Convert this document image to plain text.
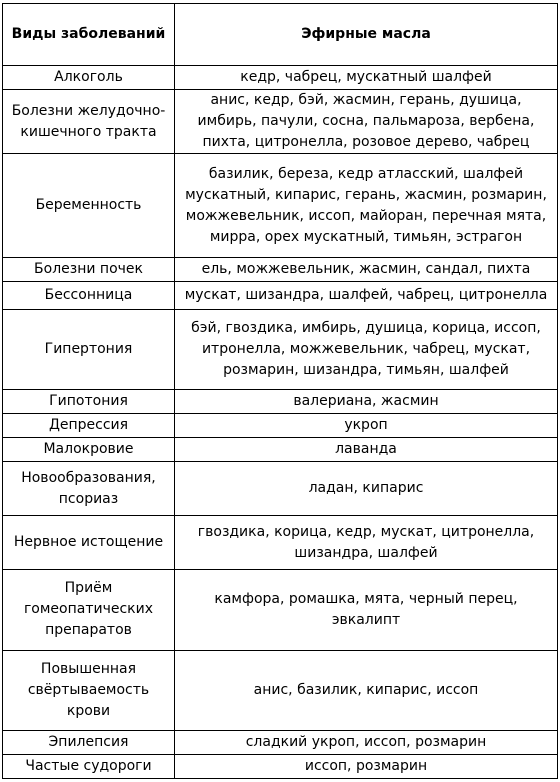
Виды заболеваний	Эфирные масла
Алкоголь	кедр, чабрец, мускатный шалфей
Болезни желудочно-кишечного тракта	анис, кедр, бэй, жасмин, герань, душица, имбирь, пачули, сосна, пальмароза, вербена, пихта, цитронелла, розовое дерево, чабрец
Беременность	базилик, береза, кедр атласский, шалфей мускатный, кипарис, герань, жасмин, розмарин, можжевельник, иссоп, майоран, перечная мята, мирра, орех мускатный, тимьян, эстрагон
Болезни почек	ель, можжевельник, жасмин, сандал, пихта
Бессонница	мускат, шизандра, шалфей, чабрец, цитронелла
Гипертония	бэй, гвоздика, имбирь, душица, корица, иссоп, итронелла, можжевельник, чабрец, мускат, розмарин, шизандра, тимьян, шалфей
Гипотония	валериана, жасмин
Депрессия	укроп
Малокровие	лаванда
Новообразования, псориаз	ладан, кипарис
Нервное истощение	гвоздика, корица, кедр, мускат, цитронелла, шизандра, шалфей
Приём гомеопатических препаратов	камфора, ромашка, мята, черный перец, эвкалипт
Повышенная свёртываемость крови	анис, базилик, кипарис, иссоп
Эпилепсия	сладкий укроп, иссоп, розмарин
Частые судороги	иссоп, розмарин
